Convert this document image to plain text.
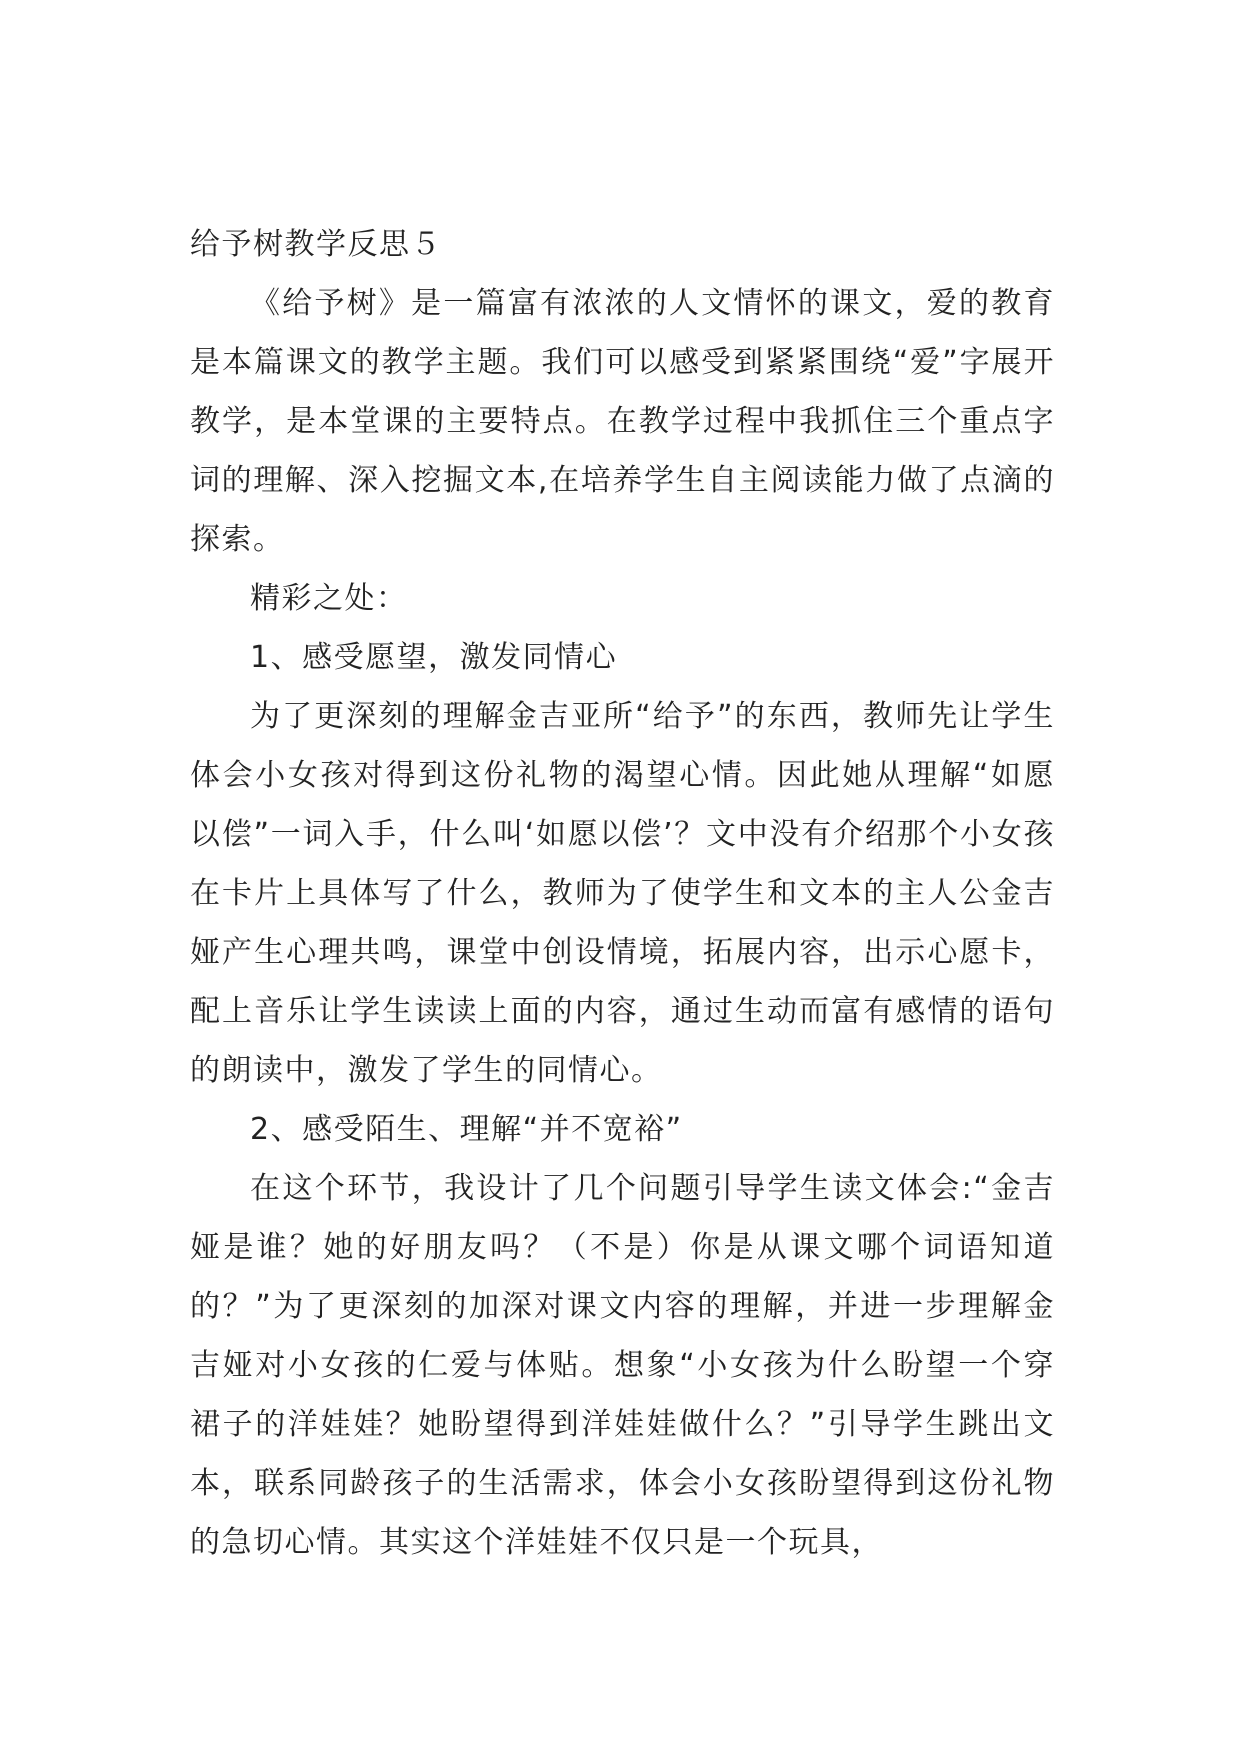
给予树教学反思５

《给予树》是一篇富有浓浓的人文情怀的课文，爱的教育是本篇课文的教学主题。我们可以感受到紧紧围绕“爱”字展开教学，是本堂课的主要特点。在教学过程中我抓住三个重点字词的理解、深入挖掘文本,在培养学生自主阅读能力做了点滴的探索。

精彩之处：

1、感受愿望，激发同情心

为了更深刻的理解金吉亚所“给予”的东西，教师先让学生体会小女孩对得到这份礼物的渴望心情。因此她从理解“如愿以偿”一词入手，什么叫‘如愿以偿’？文中没有介绍那个小女孩在卡片上具体写了什么，教师为了使学生和文本的主人公金吉娅产生心理共鸣，课堂中创设情境，拓展内容，出示心愿卡，配上音乐让学生读读上面的内容，通过生动而富有感情的语句的朗读中，激发了学生的同情心。

2、感受陌生、理解“并不宽裕”

在这个环节，我设计了几个问题引导学生读文体会:“金吉娅是谁？她的好朋友吗？（不是）你是从课文哪个词语知道的？”为了更深刻的加深对课文内容的理解，并进一步理解金吉娅对小女孩的仁爱与体贴。想象“小女孩为什么盼望一个穿裙子的洋娃娃？她盼望得到洋娃娃做什么？”引导学生跳出文本，联系同龄孩子的生活需求，体会小女孩盼望得到这份礼物的急切心情。其实这个洋娃娃不仅只是一个玩具，
